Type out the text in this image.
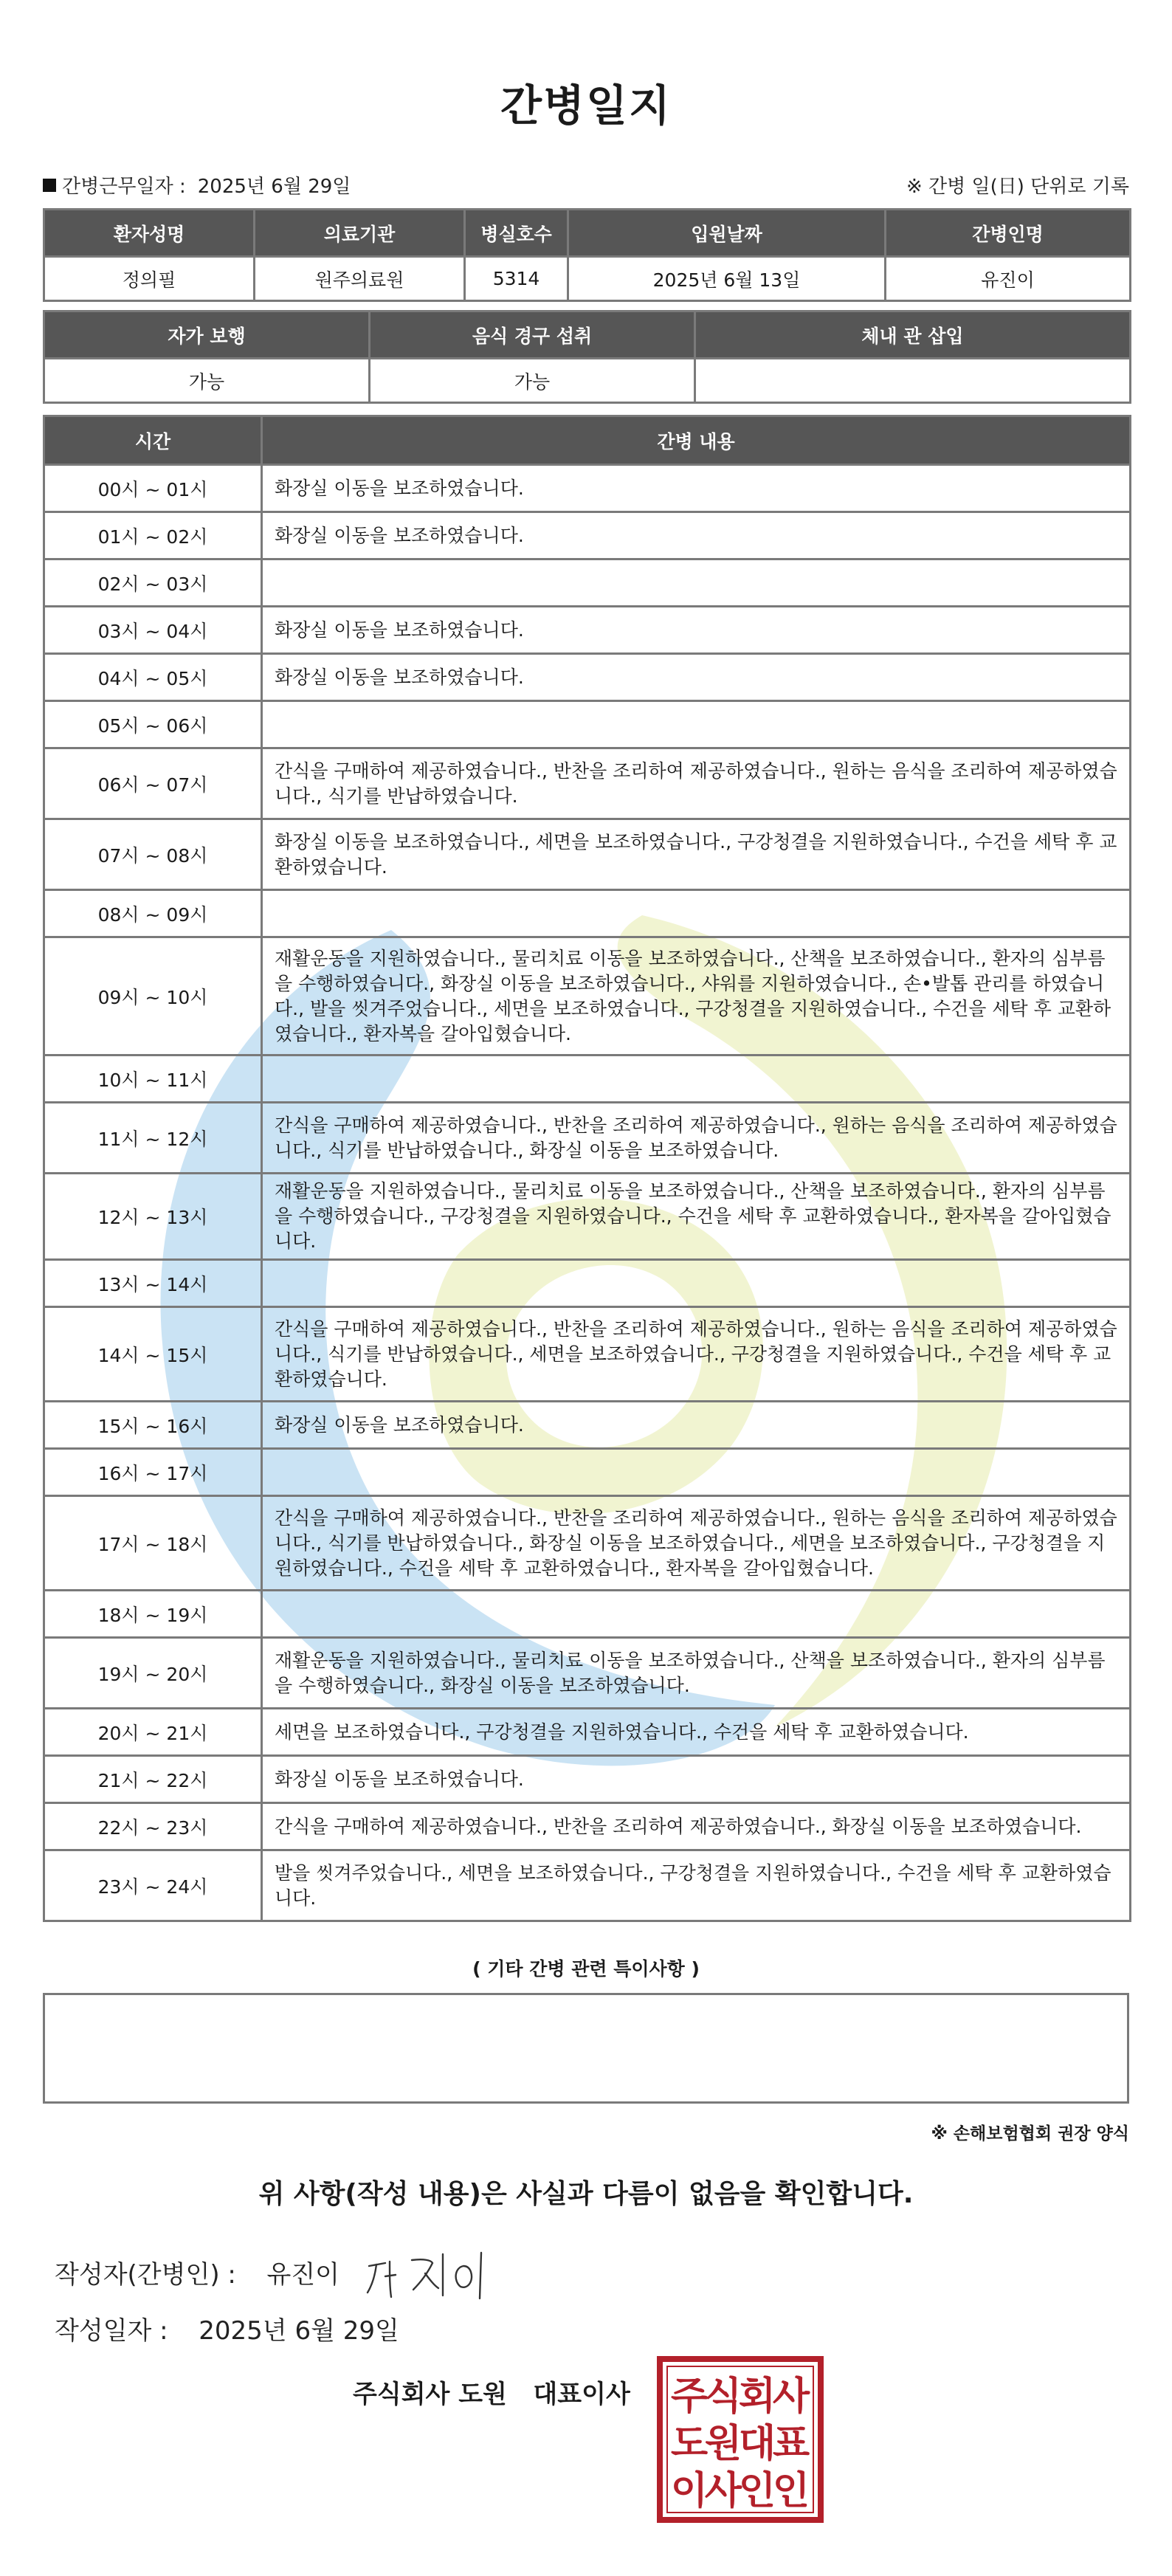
간병일지
간병근무일자 : 2025년 6월 29일	※ 간병 일(日) 단위로 기록
환자성명	의료기관	병실호수	입원날짜	간병인명
정의필	원주의료원	5314	2025년 6월 13일	유진이
자가 보행	음식 경구 섭취	체내 관 삽입
가능	가능	
시간	간병 내용
00시 ~ 01시	화장실 이동을 보조하였습니다.
01시 ~ 02시	화장실 이동을 보조하였습니다.
02시 ~ 03시	
03시 ~ 04시	화장실 이동을 보조하였습니다.
04시 ~ 05시	화장실 이동을 보조하였습니다.
05시 ~ 06시	
06시 ~ 07시	간식을 구매하여 제공하였습니다., 반찬을 조리하여 제공하였습니다., 원하는 음식을 조리하여 제공하였습니다., 식기를 반납하였습니다.
07시 ~ 08시	화장실 이동을 보조하였습니다., 세면을 보조하였습니다., 구강청결을 지원하였습니다., 수건을 세탁 후 교환하였습니다.
08시 ~ 09시	
09시 ~ 10시	재활운동을 지원하였습니다., 물리치료 이동을 보조하였습니다., 산책을 보조하였습니다., 환자의 심부름을 수행하였습니다., 화장실 이동을 보조하였습니다., 샤워를 지원하였습니다., 손•발톱 관리를 하였습니다., 발을 씻겨주었습니다., 세면을 보조하였습니다., 구강청결을 지원하였습니다., 수건을 세탁 후 교환하였습니다., 환자복을 갈아입혔습니다.
10시 ~ 11시	
11시 ~ 12시	간식을 구매하여 제공하였습니다., 반찬을 조리하여 제공하였습니다., 원하는 음식을 조리하여 제공하였습니다., 식기를 반납하였습니다., 화장실 이동을 보조하였습니다.
12시 ~ 13시	재활운동을 지원하였습니다., 물리치료 이동을 보조하였습니다., 산책을 보조하였습니다., 환자의 심부름을 수행하였습니다., 구강청결을 지원하였습니다., 수건을 세탁 후 교환하였습니다., 환자복을 갈아입혔습니다.
13시 ~ 14시	
14시 ~ 15시	간식을 구매하여 제공하였습니다., 반찬을 조리하여 제공하였습니다., 원하는 음식을 조리하여 제공하였습니다., 식기를 반납하였습니다., 세면을 보조하였습니다., 구강청결을 지원하였습니다., 수건을 세탁 후 교환하였습니다.
15시 ~ 16시	화장실 이동을 보조하였습니다.
16시 ~ 17시	
17시 ~ 18시	간식을 구매하여 제공하였습니다., 반찬을 조리하여 제공하였습니다., 원하는 음식을 조리하여 제공하였습니다., 식기를 반납하였습니다., 화장실 이동을 보조하였습니다., 세면을 보조하였습니다., 구강청결을 지원하였습니다., 수건을 세탁 후 교환하였습니다., 환자복을 갈아입혔습니다.
18시 ~ 19시	
19시 ~ 20시	재활운동을 지원하였습니다., 물리치료 이동을 보조하였습니다., 산책을 보조하였습니다., 환자의 심부름을 수행하였습니다., 화장실 이동을 보조하였습니다.
20시 ~ 21시	세면을 보조하였습니다., 구강청결을 지원하였습니다., 수건을 세탁 후 교환하였습니다.
21시 ~ 22시	화장실 이동을 보조하였습니다.
22시 ~ 23시	간식을 구매하여 제공하였습니다., 반찬을 조리하여 제공하였습니다., 화장실 이동을 보조하였습니다.
23시 ~ 24시	발을 씻겨주었습니다., 세면을 보조하였습니다., 구강청결을 지원하였습니다., 수건을 세탁 후 교환하였습니다.
( 기타 간병 관련 특이사항 )
※ 손해보험협회 권장 양식
위 사항(작성 내용)은 사실과 다름이 없음을 확인합니다.
작성자(간병인) : 유진이
작성일자 : 2025년 6월 29일
주식회사 도원   대표이사 주
식
회
사
도
원
대
표
이
사
인
인
